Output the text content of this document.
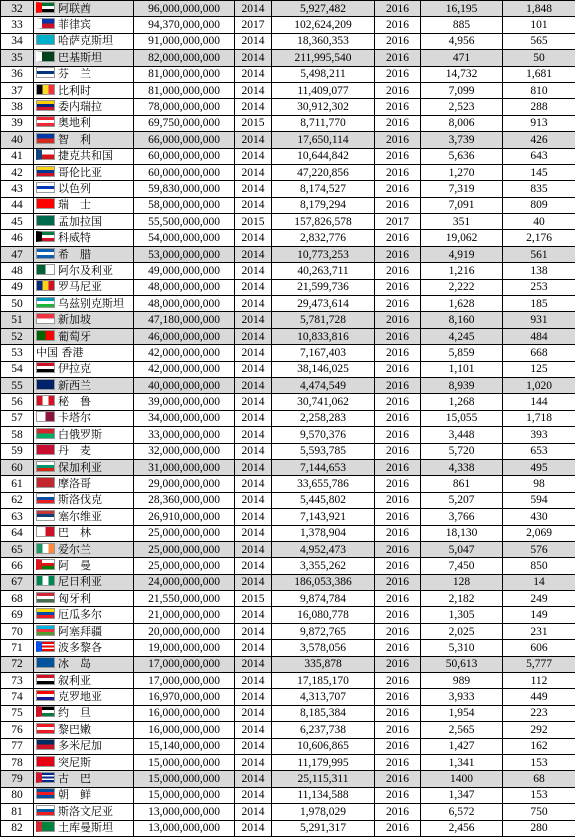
32	阿联酋	96,000,000,000	2014	5,927,482	2016	16,195	1,848
33	菲律宾	94,370,000,000	2017	102,624,209	2016	885	101
34	哈萨克斯坦	91,000,000,000	2014	18,360,353	2016	4,956	565
35	巴基斯坦	82,000,000,000	2014	211,995,540	2016	471	50
36	芬　兰	81,000,000,000	2014	5,498,211	2016	14,732	1,681
37	比利时	81,000,000,000	2014	11,409,077	2016	7,099	810
38	委内瑞拉	78,000,000,000	2014	30,912,302	2016	2,523	288
39	奥地利	69,750,000,000	2015	8,711,770	2016	8,006	913
40	智　利	66,000,000,000	2014	17,650,114	2016	3,739	426
41	捷克共和国	60,000,000,000	2014	10,644,842	2016	5,636	643
42	哥伦比亚	60,000,000,000	2014	47,220,856	2016	1,270	145
43	以色列	59,830,000,000	2014	8,174,527	2016	7,319	835
44	瑞　士	58,000,000,000	2014	8,179,294	2016	7,091	809
45	孟加拉国	55,500,000,000	2015	157,826,578	2017	351	40
46	科威特	54,000,000,000	2014	2,832,776	2016	19,062	2,176
47	希　腊	53,000,000,000	2014	10,773,253	2016	4,919	561
48	阿尔及利亚	49,000,000,000	2014	40,263,711	2016	1,216	138
49	罗马尼亚	48,000,000,000	2014	21,599,736	2016	2,222	253
50	乌兹别克斯坦	48,000,000,000	2014	29,473,614	2016	1,628	185
51	新加坡	47,180,000,000	2014	5,781,728	2016	8,160	931
52	葡萄牙	46,000,000,000	2014	10,833,816	2016	4,245	484
53	中国 香港	42,000,000,000	2014	7,167,403	2016	5,859	668
54	伊拉克	42,000,000,000	2014	38,146,025	2016	1,101	125
55	新西兰	40,000,000,000	2014	4,474,549	2016	8,939	1,020
56	秘　鲁	39,000,000,000	2014	30,741,062	2016	1,268	144
57	卡塔尔	34,000,000,000	2014	2,258,283	2016	15,055	1,718
58	白俄罗斯	33,000,000,000	2014	9,570,376	2016	3,448	393
59	丹　麦	32,000,000,000	2014	5,593,785	2016	5,720	653
60	保加利亚	31,000,000,000	2014	7,144,653	2016	4,338	495
61	摩洛哥	29,000,000,000	2014	33,655,786	2016	861	98
62	斯洛伐克	28,360,000,000	2014	5,445,802	2016	5,207	594
63	塞尔维亚	26,910,000,000	2014	7,143,921	2016	3,766	430
64	巴　林	25,000,000,000	2014	1,378,904	2016	18,130	2,069
65	爱尔兰	25,000,000,000	2014	4,952,473	2016	5,047	576
66	阿　曼	25,000,000,000	2014	3,355,262	2016	7,450	850
67	尼日利亚	24,000,000,000	2014	186,053,386	2016	128	14
68	匈牙利	21,550,000,000	2015	9,874,784	2016	2,182	249
69	厄瓜多尔	21,000,000,000	2014	16,080,778	2016	1,305	149
70	阿塞拜疆	20,000,000,000	2014	9,872,765	2016	2,025	231
71	波多黎各	19,000,000,000	2014	3,578,056	2016	5,310	606
72	冰　岛	17,000,000,000	2014	335,878	2016	50,613	5,777
73	叙利亚	17,000,000,000	2014	17,185,170	2016	989	112
74	克罗地亚	16,970,000,000	2014	4,313,707	2016	3,933	449
75	约　旦	16,000,000,000	2014	8,185,384	2016	1,954	223
76	黎巴嫩	16,000,000,000	2014	6,237,738	2016	2,565	292
77	多米尼加	15,140,000,000	2014	10,606,865	2016	1,427	162
78	突尼斯	15,000,000,000	2014	11,179,995	2016	1,341	153
79	古　巴	15,000,000,000	2014	25,115,311	2016	1400	68
80	朝　鲜	15,000,000,000	2014	11,134,588	2016	1,347	153
81	斯洛文尼亚	13,000,000,000	2014	1,978,029	2016	6,572	750
82	土库曼斯坦	13,000,000,000	2014	5,291,317	2016	2,456	280
